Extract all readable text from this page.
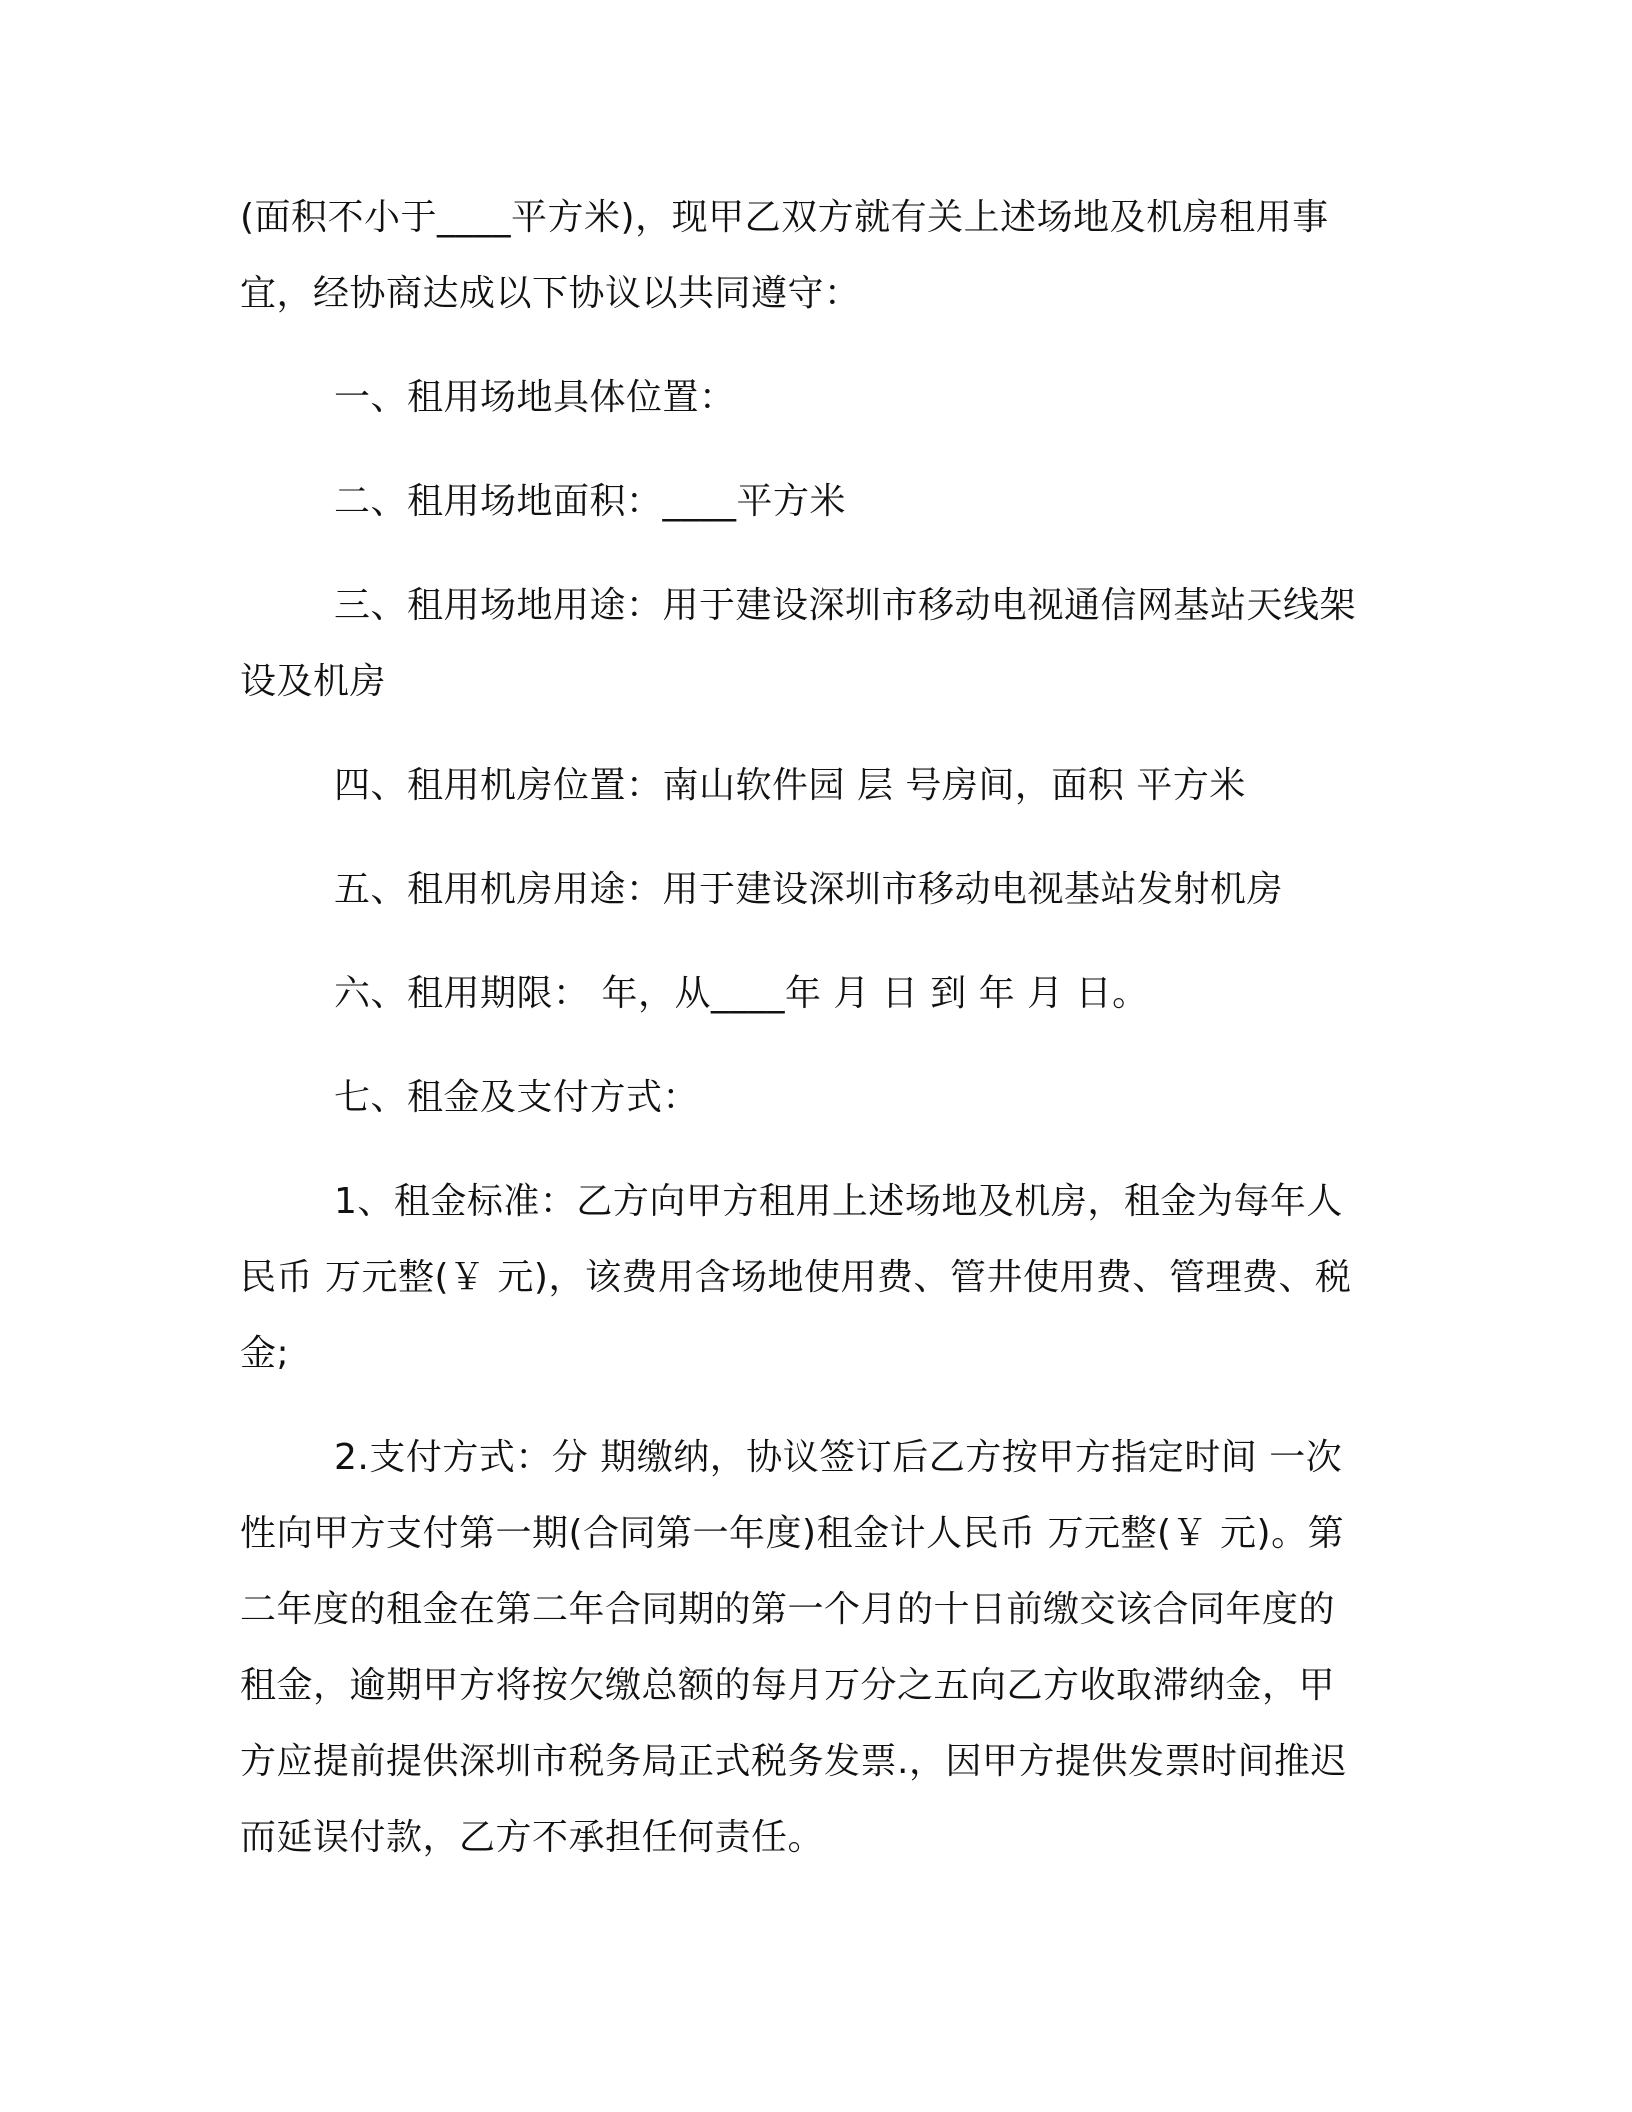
(面积不小于____平方米)，现甲乙双方就有关上述场地及机房租用事
宜，经协商达成以下协议以共同遵守：
一、租用场地具体位置：
二、租用场地面积：____平方米
三、租用场地用途：用于建设深圳市移动电视通信网基站天线架
设及机房
四、租用机房位置：南山软件园 层 号房间，面积 平方米
五、租用机房用途：用于建设深圳市移动电视基站发射机房
六、租用期限： 年，从____年 月 日 到 年 月 日。
七、租金及支付方式：
1、租金标准：乙方向甲方租用上述场地及机房，租金为每年人
民币 万元整(￥ 元)，该费用含场地使用费、管井使用费、管理费、税
金;
2.支付方式：分 期缴纳，协议签订后乙方按甲方指定时间 一次
性向甲方支付第一期(合同第一年度)租金计人民币 万元整(￥ 元)。第
二年度的租金在第二年合同期的第一个月的十日前缴交该合同年度的
租金，逾期甲方将按欠缴总额的每月万分之五向乙方收取滞纳金，甲
方应提前提供深圳市税务局正式税务发票.，因甲方提供发票时间推迟
而延误付款，乙方不承担任何责任。
